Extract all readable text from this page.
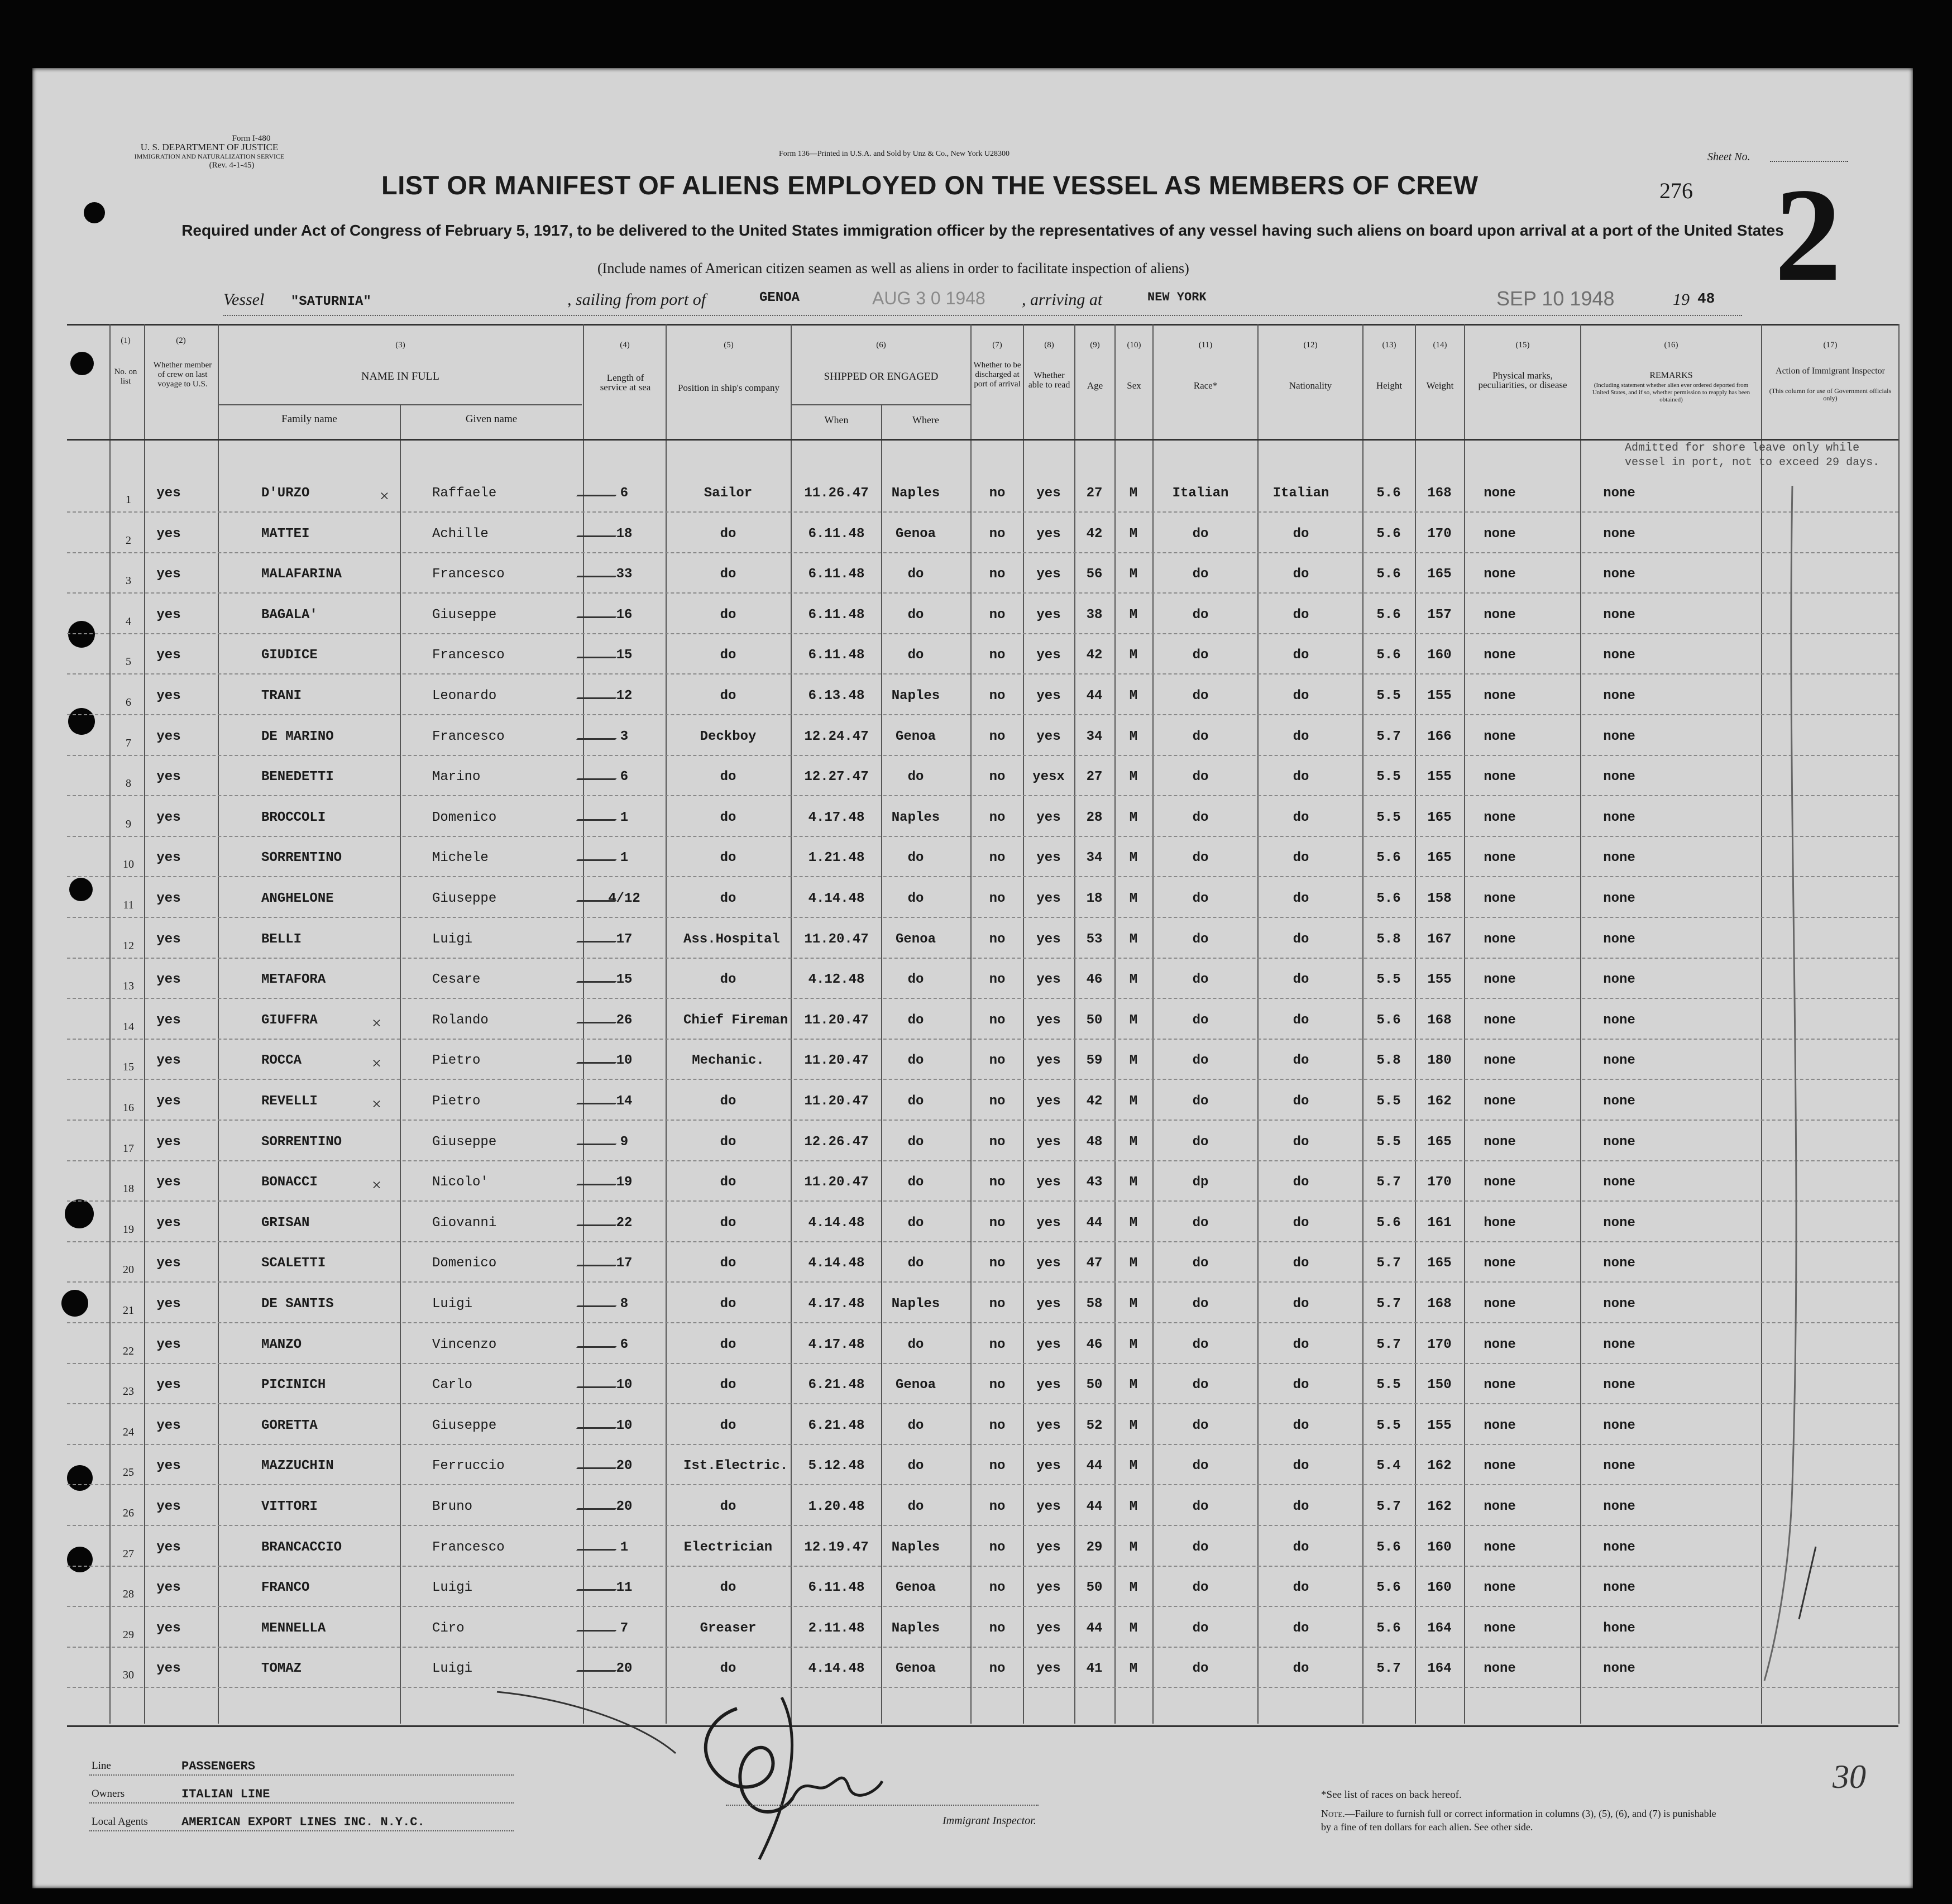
Form I-480
U. S. DEPARTMENT OF JUSTICE
IMMIGRATION AND NATURALIZATION SERVICE
(Rev. 4-1-45)
Form 136—Printed in U.S.A. and Sold by Unz & Co., New York U28300	Sheet No.
276 2
LIST OR MANIFEST OF ALIENS EMPLOYED ON THE VESSEL AS MEMBERS OF CREW
Required under Act of Congress of February 5, 1917, to be delivered to the United States immigration officer by the representatives of any vessel having such aliens on board upon arrival at a port of the United States
(Include names of American citizen seamen as well as aliens in order to facilitate inspection of aliens)
Vessel "SATURNIA"	, sailing from port of	GENOA	AUG 3 0 1948 , arriving at	NEW YORK	SEP 10 1948	19 48
(1)
No. on list
(2)
Whether member of crew on last voyage to U.S.
(3)
NAME IN FULL
Family name	Given name
(4)
Length of service at sea
(5)
Position in ship's company
(6)
SHIPPED OR ENGAGED
When	Where
(7)
Whether to be discharged at port of arrival
(8)
Whether able to read
(9)
Age
(10)
Sex
(11)
Race*
(12)
Nationality
(13)
Height
(14)
Weight
(15)
Physical marks, peculiarities, or disease
(16)
REMARKS
(Including statement whether alien ever ordered deported from United States, and if so, whether permission to reapply has been obtained)
(17)
Action of Immigrant Inspector
(This column for use of Government officials only)
Admitted for shore leave only while vessel in port, not to exceed 29 days.
1	yes	D'URZO	Raffaele	6	Sailor	11.26.47	Naples	no	yes	27	M	Italian	Italian	5.6	168	none	none
×
2	yes	MATTEI	Achille	18	do	6.11.48	Genoa	no	yes	42	M	do	do	5.6	170	none	none
3	yes	MALAFARINA	Francesco	33	do	6.11.48	do	no	yes	56	M	do	do	5.6	165	none	none
4	yes	BAGALA'	Giuseppe	16	do	6.11.48	do	no	yes	38	M	do	do	5.6	157	none	none
5	yes	GIUDICE	Francesco	15	do	6.11.48	do	no	yes	42	M	do	do	5.6	160	none	none
6	yes	TRANI	Leonardo	12	do	6.13.48	Naples	no	yes	44	M	do	do	5.5	155	none	none
7	yes	DE MARINO	Francesco	3	Deckboy	12.24.47	Genoa	no	yes	34	M	do	do	5.7	166	none	none
8	yes	BENEDETTI	Marino	6	do	12.27.47	do	no	yesx	27	M	do	do	5.5	155	none	none
9	yes	BROCCOLI	Domenico	1	do	4.17.48	Naples	no	yes	28	M	do	do	5.5	165	none	none
10	yes	SORRENTINO	Michele	1	do	1.21.48	do	no	yes	34	M	do	do	5.6	165	none	none
11	yes	ANGHELONE	Giuseppe	4/12	do	4.14.48	do	no	yes	18	M	do	do	5.6	158	none	none
12	yes	BELLI	Luigi	17	Ass.Hospital	11.20.47	Genoa	no	yes	53	M	do	do	5.8	167	none	none
13	yes	METAFORA	Cesare	15	do	4.12.48	do	no	yes	46	M	do	do	5.5	155	none	none
14	yes	GIUFFRA	Rolando	26	Chief Fireman	11.20.47	do	no	yes	50	M	do	do	5.6	168	none	none
×
15	yes	ROCCA	Pietro	10	Mechanic.	11.20.47	do	no	yes	59	M	do	do	5.8	180	none	none
×
16	yes	REVELLI	Pietro	14	do	11.20.47	do	no	yes	42	M	do	do	5.5	162	none	none
×
17	yes	SORRENTINO	Giuseppe	9	do	12.26.47	do	no	yes	48	M	do	do	5.5	165	none	none
18	yes	BONACCI	Nicolo'	19	do	11.20.47	do	no	yes	43	M	dp	do	5.7	170	none	none
×
19	yes	GRISAN	Giovanni	22	do	4.14.48	do	no	yes	44	M	do	do	5.6	161	hone	none
20	yes	SCALETTI	Domenico	17	do	4.14.48	do	no	yes	47	M	do	do	5.7	165	none	none
21	yes	DE SANTIS	Luigi	8	do	4.17.48	Naples	no	yes	58	M	do	do	5.7	168	none	none
22	yes	MANZO	Vincenzo	6	do	4.17.48	do	no	yes	46	M	do	do	5.7	170	none	none
23	yes	PICINICH	Carlo	10	do	6.21.48	Genoa	no	yes	50	M	do	do	5.5	150	none	none
24	yes	GORETTA	Giuseppe	10	do	6.21.48	do	no	yes	52	M	do	do	5.5	155	none	none
25	yes	MAZZUCHIN	Ferruccio	20	Ist.Electric.	5.12.48	do	no	yes	44	M	do	do	5.4	162	none	none
26	yes	VITTORI	Bruno	20	do	1.20.48	do	no	yes	44	M	do	do	5.7	162	none	none
27	yes	BRANCACCIO	Francesco	1	Electrician	12.19.47	Naples	no	yes	29	M	do	do	5.6	160	none	none
28	yes	FRANCO	Luigi	11	do	6.11.48	Genoa	no	yes	50	M	do	do	5.6	160	none	none
29	yes	MENNELLA	Ciro	7	Greaser	2.11.48	Naples	no	yes	44	M	do	do	5.6	164	none	hone
30	yes	TOMAZ	Luigi	20	do	4.14.48	Genoa	no	yes	41	M	do	do	5.7	164	none	none
Line	PASSENGERS
Owners	ITALIAN LINE
Local Agents	AMERICAN EXPORT LINES INC. N.Y.C.	Immigrant Inspector.
*See list of races on back hereof.
Note.—Failure to furnish full or correct information in columns (3), (5), (6), and (7) is punishable by a fine of ten dollars for each alien. See other side.
30
